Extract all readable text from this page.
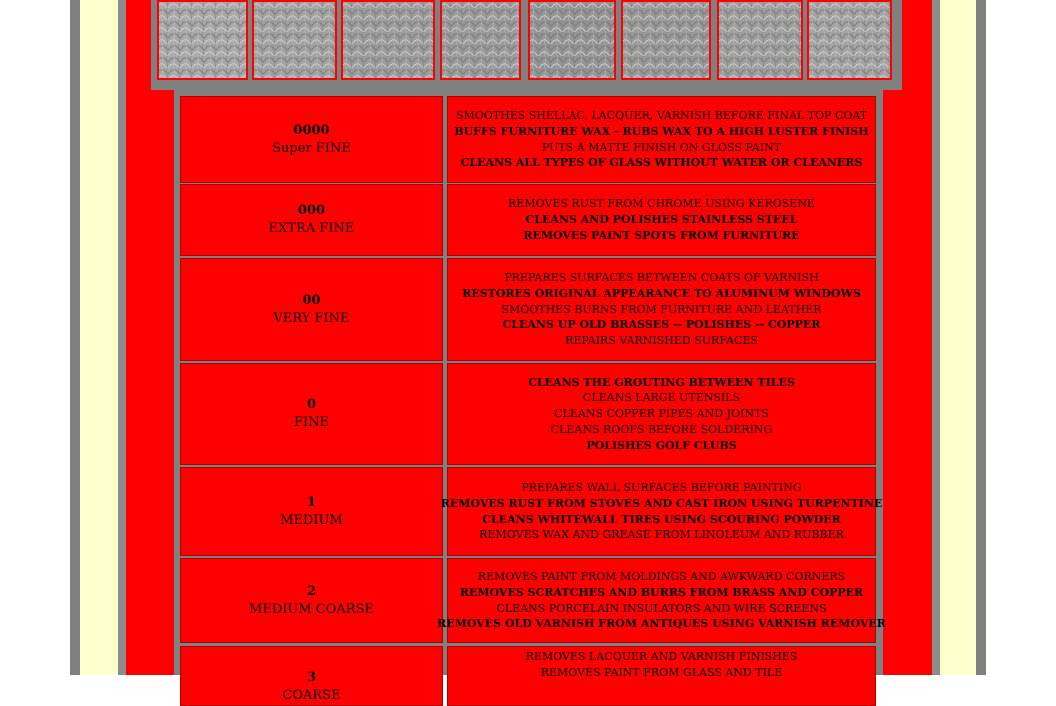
0000
Super FINE
SMOOTHES SHELLAC, LACQUER, VARNISH BEFORE FINAL TOP COAT
BUFFS FURNITURE WAX - RUBS WAX TO A HIGH LUSTER FINISH
PUTS A MATTE FINISH ON GLOSS PAINT
CLEANS ALL TYPES OF GLASS WITHOUT WATER OR CLEANERS
000
EXTRA FINE
REMOVES RUST FROM CHROME USING KEROSENE
CLEANS AND POLISHES STAINLESS STEEL
REMOVES PAINT SPOTS FROM FURNITURE
00
VERY FINE
PREPARES SURFACES BETWEEN COATS OF VARNISH
RESTORES ORIGINAL APPEARANCE TO ALUMINUM WINDOWS
SMOOTHES BURNS FROM FURNITURE AND LEATHER
CLEANS UP OLD BRASSES -- POLISHES -- COPPER
REPAIRS VARNISHED SURFACES
0
FINE
CLEANS THE GROUTING BETWEEN TILES
CLEANS LARGE UTENSILS
CLEANS COPPER PIPES AND JOINTS
CLEANS ROOFS BEFORE SOLDERING
POLISHES GOLF CLUBS
1
MEDIUM
PREPARES WALL SURFACES BEFORE PAINTING
REMOVES RUST FROM STOVES AND CAST IRON USING TURPENTINE
CLEANS WHITEWALL TIRES USING SCOURING POWDER
REMOVES WAX AND GREASE FROM LINOLEUM AND RUBBER
2
MEDIUM COARSE
REMOVES PAINT FROM MOLDINGS AND AWKWARD CORNERS
REMOVES SCRATCHES AND BURRS FROM BRASS AND COPPER
CLEANS PORCELAIN INSULATORS AND WIRE SCREENS
REMOVES OLD VARNISH FROM ANTIQUES USING VARNISH REMOVER
3
COARSE
REMOVES LACQUER AND VARNISH FINISHES
REMOVES PAINT FROM GLASS AND TILE
